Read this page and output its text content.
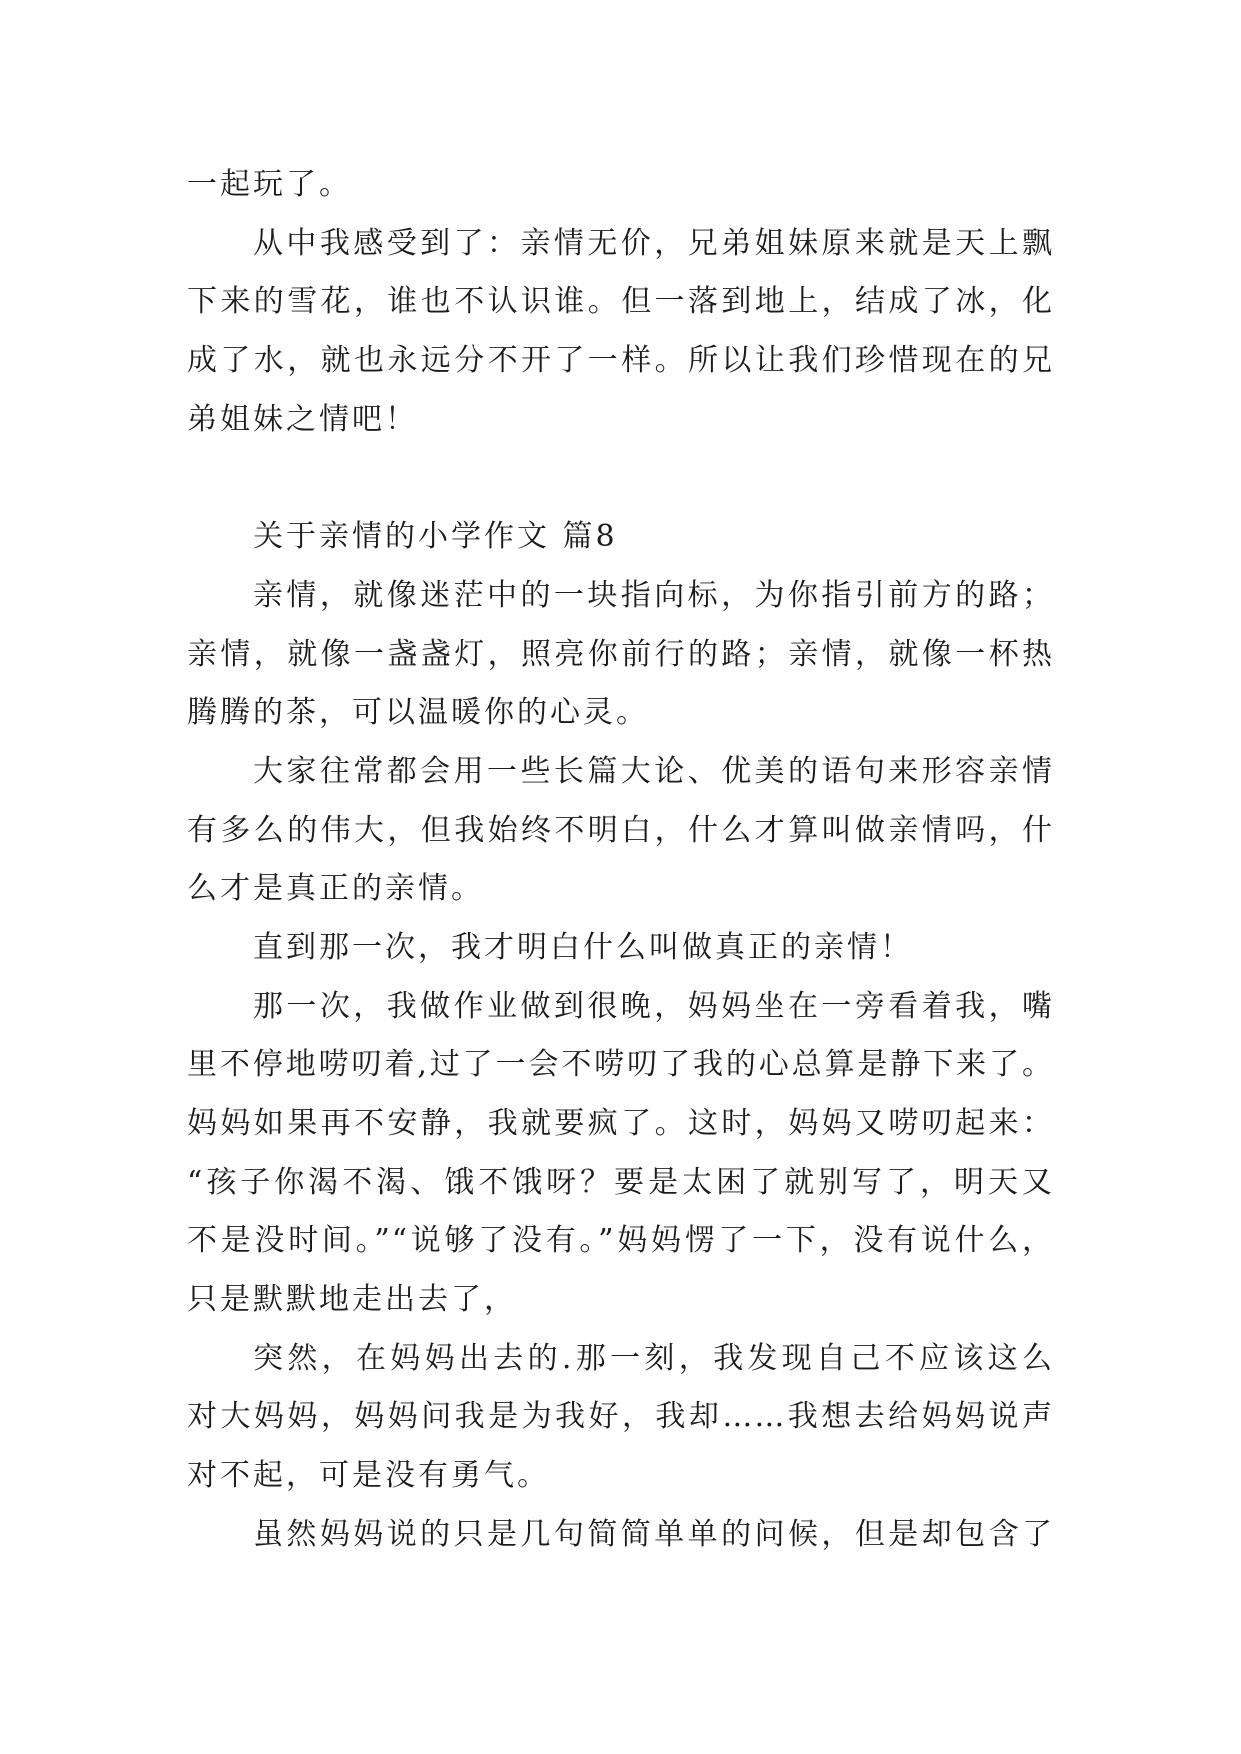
一起玩了。
从中我感受到了：亲情无价，兄弟姐妹原来就是天上飘
下来的雪花，谁也不认识谁。但一落到地上，结成了冰，化
成了水，就也永远分不开了一样。所以让我们珍惜现在的兄
弟姐妹之情吧！
关于亲情的小学作文 篇8
亲情，就像迷茫中的一块指向标，为你指引前方的路；
亲情，就像一盏盏灯，照亮你前行的路；亲情，就像一杯热
腾腾的茶，可以温暖你的心灵。
大家往常都会用一些长篇大论、优美的语句来形容亲情
有多么的伟大，但我始终不明白，什么才算叫做亲情吗，什
么才是真正的亲情。
直到那一次，我才明白什么叫做真正的亲情！
那一次，我做作业做到很晚，妈妈坐在一旁看着我，嘴
里不停地唠叨着,过了一会不唠叨了我的心总算是静下来了。
妈妈如果再不安静，我就要疯了。这时，妈妈又唠叨起来：
“孩子你渴不渴、饿不饿呀？要是太困了就别写了，明天又
不是没时间。”“说够了没有。”妈妈愣了一下，没有说什么，
只是默默地走出去了，
突然，在妈妈出去的.那一刻，我发现自己不应该这么
对大妈妈，妈妈问我是为我好，我却……我想去给妈妈说声
对不起，可是没有勇气。
虽然妈妈说的只是几句简简单单的问候，但是却包含了
